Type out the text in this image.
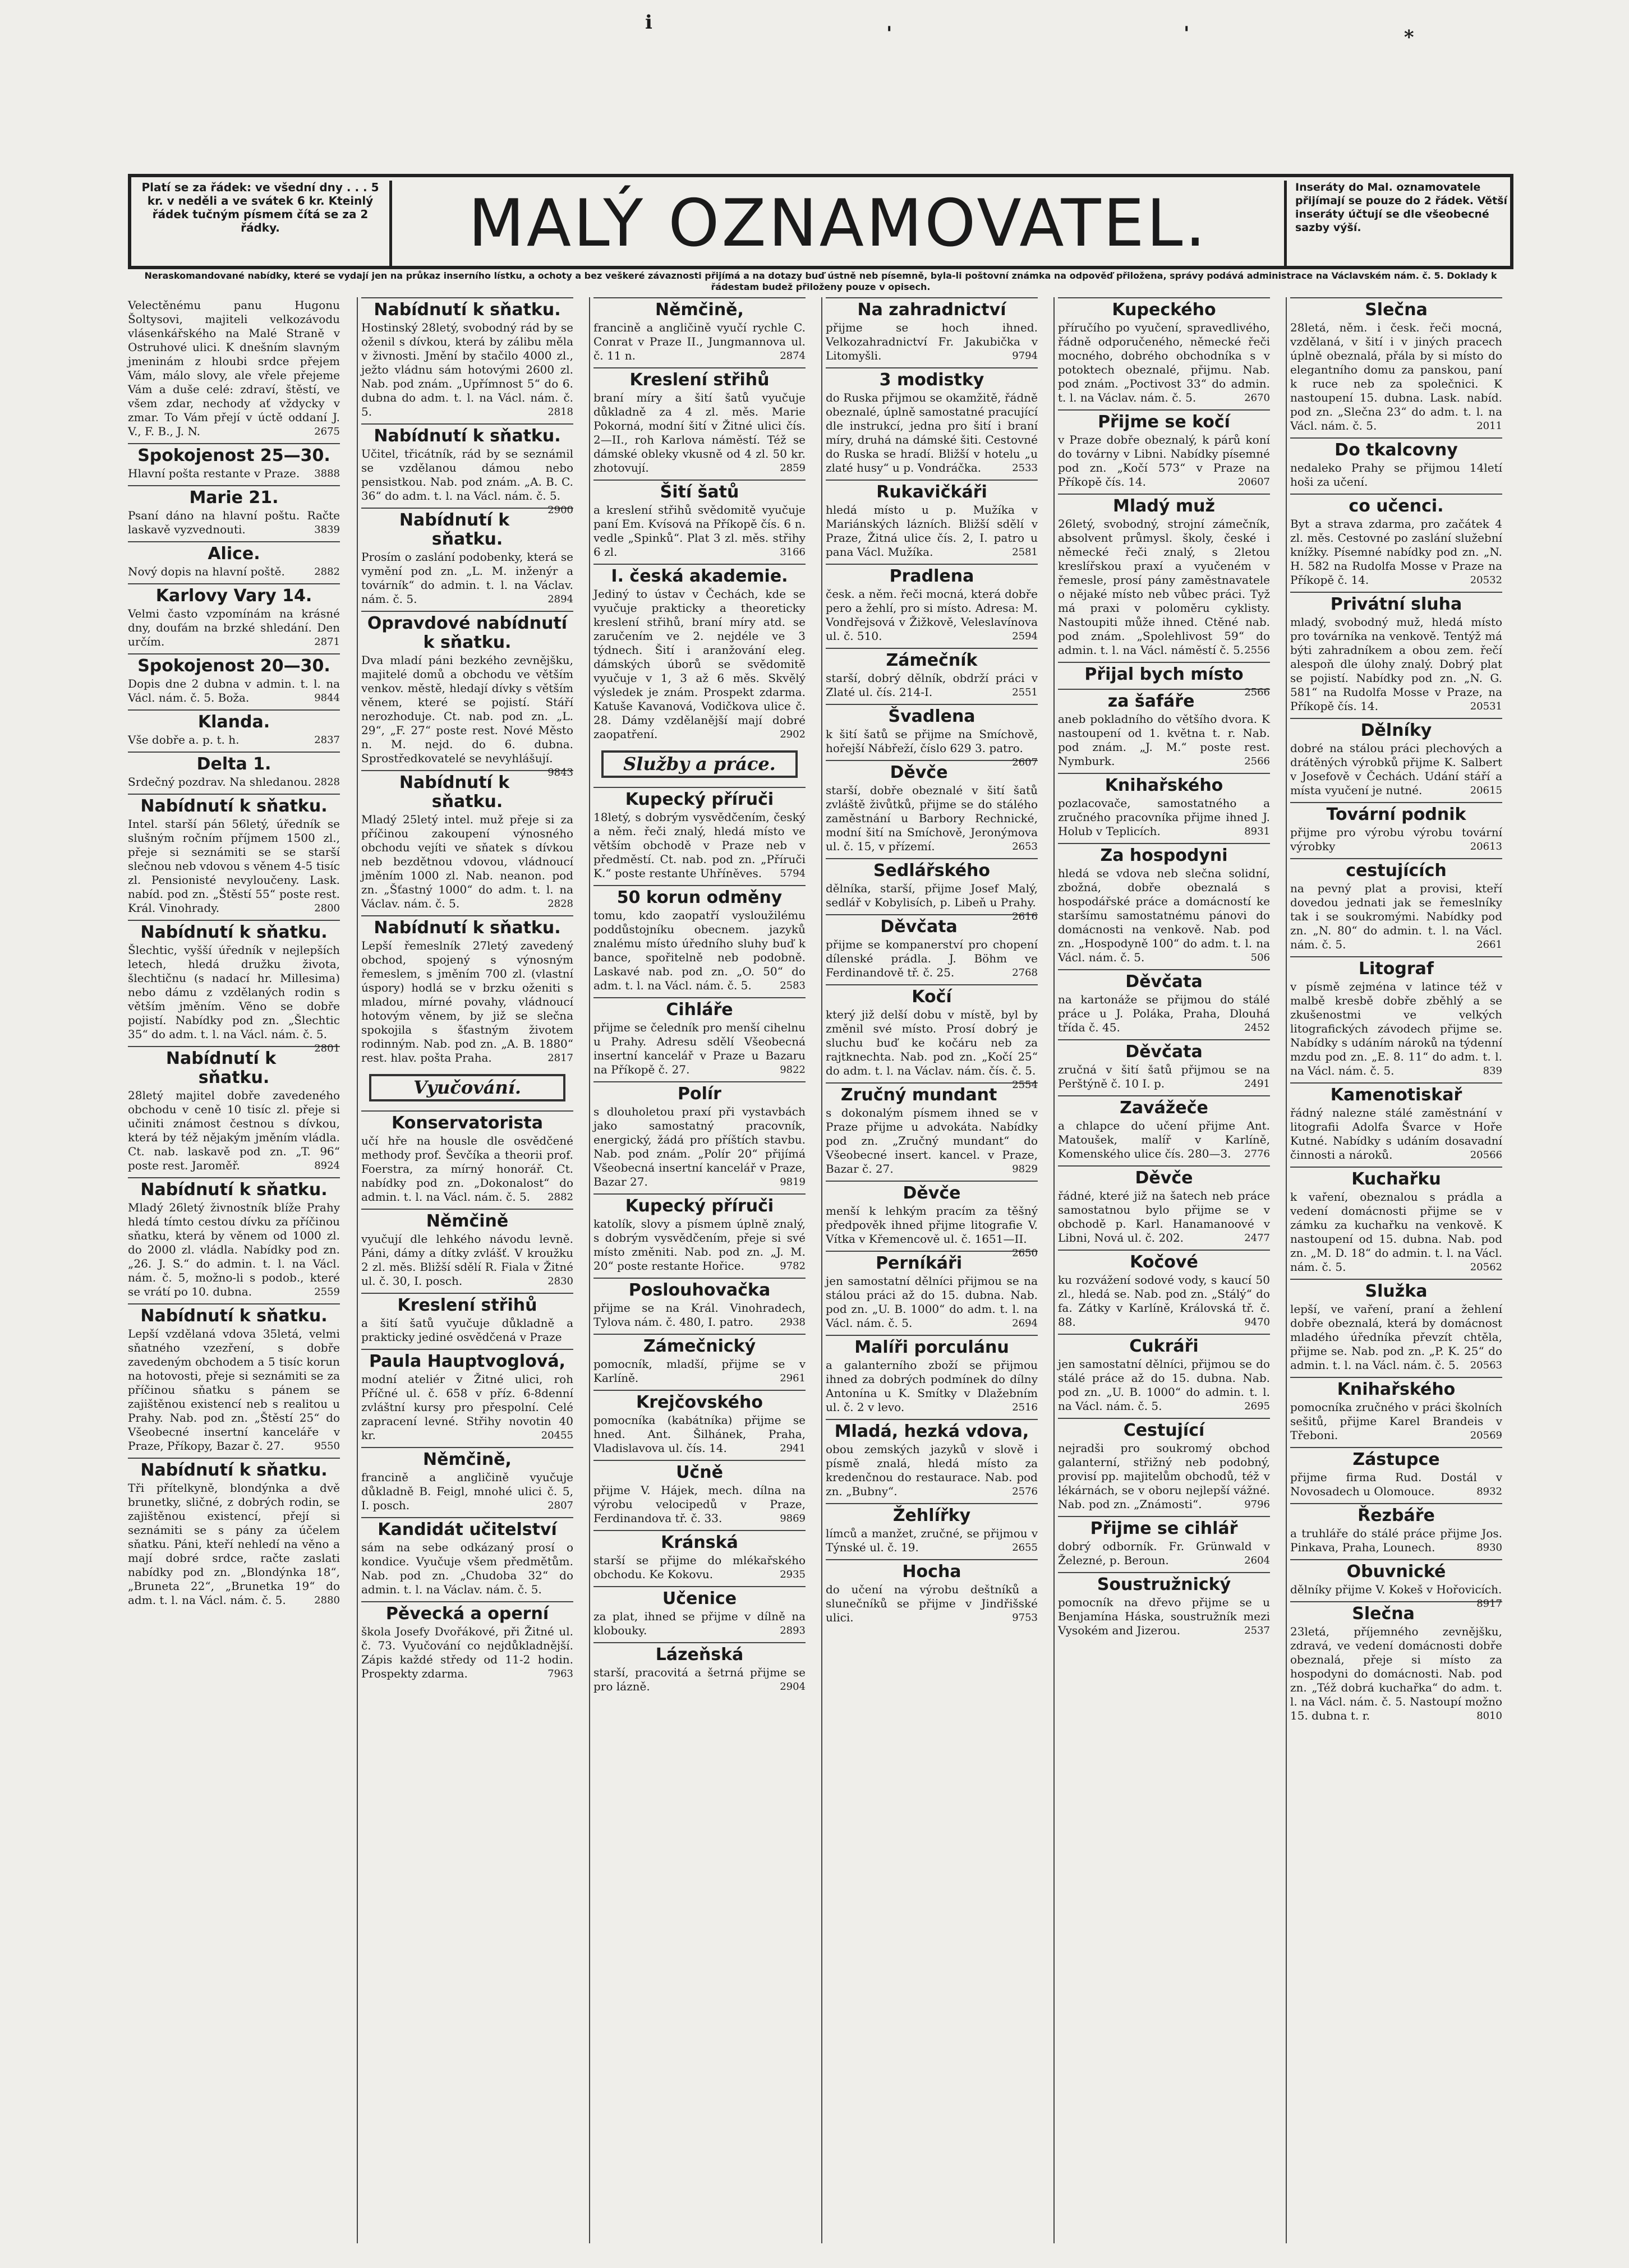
i	'	'	∗
Platí se za řádek: ve všední dny . . . 5 kr. v neděli a ve svátek 6 kr. Kteinlý řádek tučným písmem čítá se za 2 řádky.	MALÝ OZNAMOVATEL.	Inseráty do Mal. oznamovatele přijímají se pouze do 2 řádek. Větší inseráty účtují se dle všeobecné sazby výší.
Neraskomandované nabídky, které se vydají jen na průkaz inserního lístku, a ochoty a bez veškeré závaznosti přijímá a na dotazy buď ústně neb písemně, byla-li poštovní známka na odpověď přiložena, správy podává administrace na Václavském nám. č. 5. Doklady k řádestam budež přiloženy pouze v opisech.

Velectěnému panu Hugonu Šoltysovi, majiteli velkozávodu vlásenkářského na Malé Straně v Ostruhové ulici. K dnešním slavným jmeninám z hloubi srdce přejem Vám, málo slovy, ale vřele přejeme Vám a duše celé: zdraví, štěstí, ve všem zdar, nechody ať vždycky v zmar. To Vám přejí v úctě oddaní J. V., F. B., J. N.	2675

Spokojenost 25—30.

Hlavní pošta restante v Praze. 3888

Marie 21.

Psaní dáno na hlavní poštu. Račte laskavě vyzvednouti.	3839

Alice.

Nový dopis na hlavní poště.	2882

Karlovy Vary 14.

Velmi často vzpomínám na krásné dny, doufám na brzké shledání. Den určím.	2871

Spokojenost 20—30.

Dopis dne 2 dubna v admin. t. l. na Václ. nám. č. 5. Boža.	9844

Klanda.

Vše dobře a. p. t. h.	2837

Delta 1.

Srdečný pozdrav. Na shledanou. 2828

Nabídnutí k sňatku.

Intel. starší pán 56letý, úředník se slušným ročním příjmem 1500 zl., přeje si seznámiti se se starší slečnou neb vdovou s věnem 4-5 tisíc zl. Pensionisté nevyloučeny. Lask. nabíd. pod zn. „Štěstí 55“ poste rest. Král. Vinohrady.	2800

Nabídnutí k sňatku.

Šlechtic, vyšší úředník v nejlepších letech, hledá družku života, šlechtičnu (s nadací hr. Millesima) nebo dámu z vzdělaných rodin s větším jměním. Věno se dobře pojistí. Nabídky pod zn. „Šlechtic 35“ do adm. t. l. na Václ. nám. č. 5.
2801

Nabídnutí k sňatku.

28letý majitel dobře zavedeného obchodu v ceně 10 tisíc zl. přeje si učiniti známost čestnou s dívkou, která by též nějakým jměním vládla. Ct. nab. laskavě pod zn. „T. 96“ poste rest. Jaroměř.	8924

Nabídnutí k sňatku.

Mladý 26letý živnostník blíže Prahy hledá tímto cestou dívku za příčinou sňatku, která by věnem od 1000 zl. do 2000 zl. vládla. Nabídky pod zn. „26. J. S.“ do admin. t. l. na Václ. nám. č. 5, možno-li s podob., které se vrátí po 10. dubna.	2559

Nabídnutí k sňatku.

Lepší vzdělaná vdova 35letá, velmi sňatného vzezření, s dobře zavedeným obchodem a 5 tisíc korun na hotovosti, přeje si seznámiti se za příčinou sňatku s pánem se zajištěnou existencí neb s realitou u Prahy. Nab. pod zn. „Štěstí 25“ do Všeobecné insertní kanceláře v Praze, Příkopy, Bazar č. 27.	9550

Nabídnutí k sňatku.

Tři přítelkyně, blondýnka a dvě brunetky, sličné, z dobrých rodin, se zajištěnou existencí, přejí si seznámiti se s pány za účelem sňatku. Páni, kteří nehledí na věno a mají dobré srdce, račte zaslati nabídky pod zn. „Blondýnka 18“, „Bruneta 22“, „Brunetka 19“ do adm. t. l. na Václ. nám. č. 5.	2880

Nabídnutí k sňatku.

Hostinský 28letý, svobodný rád by se oženil s dívkou, která by zálibu měla v živnosti. Jmění by stačilo 4000 zl., ježto vládnu sám hotovými 2600 zl. Nab. pod znám. „Upřímnost 5“ do 6. dubna do adm. t. l. na Václ. nám. č. 5.	2818

Nabídnutí k sňatku.

Učitel, třicátník, rád by se seznámil se vzdělanou dámou nebo pensistkou. Nab. pod znám. „A. B. C. 36“ do adm. t. l. na Václ. nám. č. 5.
2900

Nabídnutí k sňatku.

Prosím o zaslání podobenky, která se vymění pod zn. „L. M. inženýr a továrník“ do admin. t. l. na Václav. nám. č. 5.	2894

Opravdové nabídnutí k sňatku.

Dva mladí páni bezkého zevnějšku, majitelé domů a obchodu ve větším venkov. městě, hledají dívky s větším věnem, které se pojistí. Stáří nerozhoduje. Ct. nab. pod zn. „L. 29“, „F. 27“ poste rest. Nové Město n. M. nejd. do 6. dubna. Sprostředkovatelé se nevyhlášují.
9843

Nabídnutí k sňatku.

Mladý 25letý intel. muž přeje si za příčinou zakoupení výnosného obchodu vejíti ve sňatek s dívkou neb bezdětnou vdovou, vládnoucí jměním 1000 zl. Nab. neanon. pod zn. „Šťastný 1000“ do adm. t. l. na Václav. nám. č. 5.	2828

Nabídnutí k sňatku.

Lepší řemeslník 27letý zavedený obchod, spojený s výnosným řemeslem, s jměním 700 zl. (vlastní úspory) hodlá se v brzku oženiti s mladou, mírné povahy, vládnoucí hotovým věnem, by již se slečna spokojila s šťastným životem rodinným. Nab. pod zn. „A. B. 1880“ rest. hlav. pošta Praha.	2817

Vyučování.
Konservatorista

učí hře na housle dle osvědčené methody prof. Ševčíka a theorii prof. Foerstra, za mírný honorář. Ct. nabídky pod zn. „Dokonalost“ do admin. t. l. na Václ. nám. č. 5. 2882

Němčině

vyučují dle lehkého návodu levně. Páni, dámy a dítky zvlášť. V kroužku 2 zl. měs. Bližší sdělí R. Fiala v Žitné ul. č. 30, I. posch.	2830

Kreslení střihů

a šití šatů vyučuje důkladně a prakticky jediné osvědčená v Praze

Paula Hauptvoglová,

modní ateliér v Žitné ulici, roh Příčné ul. č. 658 v příz. 6-8denní zvláštní kursy pro přespolní. Celé zapracení levné. Střihy novotin 40 kr.	20455

Němčině,

francině a angličině vyučuje důkladně B. Feigl, mnohé ulici č. 5, I. posch.	2807

Kandidát učitelství

sám na sebe odkázaný prosí o kondice. Vyučuje všem předmětům. Nab. pod zn. „Chudoba 32“ do admin. t. l. na Václav. nám. č. 5.

Pěvecká a operní

škola Josefy Dvořákové, při Žitné ul. č. 73. Vyučování co nejdůkladnější. Zápis každé středy od 11-2 hodin. Prospekty zdarma.	7963

Němčině,

francině a angličině vyučí rychle C. Conrat v Praze II., Jungmannova ul. č. 11 n.	2874

Kreslení střihů

braní míry a šití šatů vyučuje důkladně za 4 zl. měs. Marie Pokorná, modní šití v Žitné ulici čís. 2—II., roh Karlova náměstí. Též se dámské obleky vkusně od 4 zl. 50 kr. zhotovují.	2859

Šití šatů

a kreslení střihů svědomitě vyučuje paní Em. Kvísová na Příkopě čís. 6 n. vedle „Spinků“. Plat 3 zl. měs. střihy 6 zl.	3166

I. česká akademie.

Jediný to ústav v Čechách, kde se vyučuje prakticky a theoreticky kreslení střihů, braní míry atd. se zaručením ve 2. nejdéle ve 3 týdnech. Šití i aranžování eleg. dámských úborů se svědomitě vyučuje v 1, 3 až 6 měs. Skvělý výsledek je znám. Prospekt zdarma. Katuše Kavanová, Vodičkova ulice č. 28. Dámy vzdělanější mají dobré zaopatření.	2902

Služby a práce.
Kupecký příruči

18letý, s dobrým vysvědčením, český a něm. řeči znalý, hledá místo ve větším obchodě v Praze neb v předměstí. Ct. nab. pod zn. „Příruči K.“ poste restante Uhříněves. 5794

50 korun odměny

tomu, kdo zaopatří vysloužilému poddůstojníku obecnem. jazyků znalému místo úředního sluhy buď k bance, spořitelně neb podobně. Laskavé nab. pod zn. „O. 50“ do adm. t. l. na Václ. nám. č. 5.	2583

Cihláře

přijme se čeledník pro menší cihelnu u Prahy. Adresu sdělí Všeobecná insertní kancelář v Praze u Bazaru na Příkopě č. 27.	9822

Polír

s dlouholetou praxí při vystavbách jako samostatný pracovník, energický, žádá pro příštích stavbu. Nab. pod znám. „Polír 20“ přijímá Všeobecná insertní kancelář v Praze, Bazar 27.	9819

Kupecký příruči

katolík, slovy a písmem úplně znalý, s dobrým vysvědčením, přeje si své místo změniti. Nab. pod zn. „J. M. 20“ poste restante Hořice.	9782

Poslouhovačka

přijme se na Král. Vinohradech, Tylova nám. č. 480, I. patro.	2938

Zámečnický

pomocník, mladší, přijme se v Karlíně.	2961

Krejčovského

pomocníka (kabátníka) přijme se hned. Ant. Šilhánek, Praha, Vladislavova ul. čís. 14.	2941

Učně

přijme V. Hájek, mech. dílna na výrobu velocipedů v Praze, Ferdinandova tř. č. 33.	9869

Kránská

starší se přijme do mlékařského obchodu. Ke Kokovu.	2935

Učenice

za plat, ihned se přijme v dílně na klobouky.	2893

Lázeňská

starší, pracovitá a šetrná přijme se pro lázně.	2904

Na zahradnictví

přijme se hoch ihned. Velkozahradnictví Fr. Jakubička v Litomyšli.	9794

3 modistky

do Ruska přijmou se okamžitě, řádně obeznalé, úplně samostatné pracující dle instrukcí, jedna pro šití i braní míry, druhá na dámské šiti. Cestovné do Ruska se hradí. Bližší v hotelu „u zlaté husy“ u p. Vondráčka.	2533

Rukavičkáři

hledá místo u p. Mužíka v Mariánských lázních. Bližší sdělí v Praze, Žitná ulice čís. 2, I. patro u pana Václ. Mužíka.	2581

Pradlena

česk. a něm. řeči mocná, která dobře pero a žehlí, pro si místo. Adresa: M. Vondřejsová v Žižkově, Veleslavínova ul. č. 510.	2594

Zámečník

starší, dobrý dělník, obdrží práci v Zlaté ul. čís. 214-I.	2551

Švadlena

k šití šatů se přijme na Smíchově, hořejší Nábřeží, číslo 629 3. patro.
2607

Děvče

starší, dobře obeznalé v šití šatů zvláště živůtků, přijme se do stálého zaměstnání u Barbory Rechnické, modní šití na Smíchově, Jeronýmova ul. č. 15, v přízemí.	2653

Sedlářského

dělníka, starší, přijme Josef Malý, sedlář v Kobylisích, p. Libeň u Prahy.
2616

Děvčata

přijme se kompanerství pro chopení dílenské prádla. J. Böhm ve Ferdinandově tř. č. 25.	2768

Kočí

který již delší dobu v místě, byl by změnil své místo. Prosí dobrý je sluchu buď ke kočáru neb za rajtknechta. Nab. pod zn. „Kočí 25“ do adm. t. l. na Václav. nám. čís. č. 5.
2554

Zručný mundant

s dokonalým písmem ihned se v Praze přijme u advokáta. Nabídky pod zn. „Zručný mundant“ do Všeobecné insert. kancel. v Praze, Bazar č. 27.	9829

Děvče

menší k lehkým pracím za těšný předpověk ihned přijme litografie V. Vítka v Křemencově ul. č. 1651—II.
2650

Perníkáři

jen samostatní dělníci přijmou se na stálou práci až do 15. dubna. Nab. pod zn. „U. B. 1000“ do adm. t. l. na Václ. nám. č. 5.	2694

Malíři porculánu

a galanterního zboží se přijmou ihned za dobrých podmínek do dílny Antonína u K. Smítky v Dlažebním ul. č. 2 v levo.	2516

Mladá, hezká vdova,

obou zemských jazyků v slově i písmě znalá, hledá místo za kredenčnou do restaurace. Nab. pod zn. „Bubny“.	2576

Žehlířky

límců a manžet, zručné, se přijmou v Týnské ul. č. 19.	2655

Hocha

do učení na výrobu deštníků a slunečníků se přijme v Jindřišské ulici.	9753

Kupeckého

příručího po vyučení, spravedlivého, řádně odporučeného, německé řeči mocného, dobrého obchodníka s v potoktech obeznalé, přijmu. Nab. pod znám. „Poctivost 33“ do admin. t. l. na Václav. nám. č. 5.	2670

Přijme se kočí

v Praze dobře obeznalý, k párů koní do továrny v Libni. Nabídky písemné pod zn. „Kočí 573“ v Praze na Příkopě čís. 14.	20607

Mladý muž

26letý, svobodný, strojní zámečník, absolvent průmysl. školy, české i německé řeči znalý, s 2letou kreslířskou praxí a vyučeném v řemesle, prosí pány zaměstnavatele o nějaké místo neb vůbec práci. Tyž má praxi v poloměru cyklisty. Nastoupiti může ihned. Ctěné nab. pod znám. „Spolehlivost 59“ do admin. t. l. na Václ. náměstí č. 5. 2556

Přijal bych místo

2566

za šafáře

aneb pokladního do většího dvora. K nastoupení od 1. května t. r. Nab. pod znám. „J. M.“ poste rest. Nymburk.	2566

Knihařského

pozlacovače, samostatného a zručného pracovníka přijme ihned J. Holub v Teplicích.	8931

Za hospodyni

hledá se vdova neb slečna solidní, zbožná, dobře obeznalá s hospodářské práce a domácností ke staršímu samostatnému pánovi do domácnosti na venkově. Nab. pod zn. „Hospodyně 100“ do adm. t. l. na Václ. nám. č. 5.	506

Děvčata

na kartonáže se přijmou do stálé práce u J. Poláka, Praha, Dlouhá třída č. 45.	2452

Děvčata

zručná v šití šatů přijmou se na Perštýně č. 10 I. p.	2491

Zavážeče

a chlapce do učení přijme Ant. Matoušek, malíř v Karlíně, Komenského ulice čís. 280—3. 2776

Děvče

řádné, které již na šatech neb práce samostatnou bylo přijme se v obchodě p. Karl. Hanamanoové v Libni, Nová ul. č. 202.	2477

Kočové

ku rozvážení sodové vody, s kaucí 50 zl., hledá se. Nab. pod zn. „Stálý“ do fa. Zátky v Karlíně, Královská tř. č. 88.	9470

Cukráři

jen samostatní dělníci, přijmou se do stálé práce až do 15. dubna. Nab. pod zn. „U. B. 1000“ do admin. t. l. na Václ. nám. č. 5.	2695

Cestující

nejradši pro soukromý obchod galanterní, střižný neb podobný, provisí pp. majitelům obchodů, též v lékárnách, se v oboru nejlepší vážné. Nab. pod zn. „Známosti“.	9796

Přijme se cihlář

dobrý odborník. Fr. Grünwald v Železné, p. Beroun.	2604

Soustružnický

pomocník na dřevo přijme se u Benjamína Háska, soustružník mezi Vysokém and Jizerou.	2537

Slečna

28letá, něm. i česk. řeči mocná, vzdělaná, v šití i v jiných pracech úplně obeznalá, přála by si místo do elegantního domu za panskou, paní k ruce neb za společnici. K nastoupení 15. dubna. Lask. nabíd. pod zn. „Slečna 23“ do adm. t. l. na Václ. nám. č. 5.	2011

Do tkalcovny

nedaleko Prahy se přijmou 14letí hoši za učení.

co učenci.

Byt a strava zdarma, pro začátek 4 zl. měs. Cestovné po zaslání služební knížky. Písemné nabídky pod zn. „N. H. 582 na Rudolfa Mosse v Praze na Příkopě č. 14.	20532

Privátní sluha

mladý, svobodný muž, hledá místo pro továrníka na venkově. Tentýž má býti zahradníkem a obou zem. řečí alespoň dle úlohy znalý. Dobrý plat se pojistí. Nabídky pod zn. „N. G. 581“ na Rudolfa Mosse v Praze, na Příkopě čís. 14.	20531

Dělníky

dobré na stálou práci plechových a drátěných výrobků přijme K. Salbert v Josefově v Čechách. Udání stáří a místa vyučení je nutné.	20615

Tovární podnik

přijme pro výrobu výrobu tovární výrobky	20613

cestujících

na pevný plat a provisi, kteří dovedou jednati jak se řemeslníky tak i se soukromými. Nabídky pod zn. „N. 80“ do admin. t. l. na Václ. nám. č. 5.	2661

Litograf

v písmě zejména v latince též v malbě kresbě dobře zběhlý a se zkušenostmi ve velkých litografických závodech přijme se. Nabídky s udáním nároků na týdenní mzdu pod zn. „E. 8. 11“ do adm. t. l. na Václ. nám. č. 5.	839

Kamenotiskař

řádný nalezne stálé zaměstnání v litografii Adolfa Švarce v Hoře Kutné. Nabídky s udáním dosavadní činnosti a nároků.	20566

Kuchařku

k vaření, obeznalou s prádla a vedení domácnosti přijme se v zámku za kuchařku na venkově. K nastoupení od 15. dubna. Nab. pod zn. „M. D. 18“ do admin. t. l. na Václ. nám. č. 5.	20562

Služka

lepší, ve vaření, praní a žehlení dobře obeznalá, která by domácnost mladého úředníka převzít chtěla, přijme se. Nab. pod zn. „P. K. 25“ do admin. t. l. na Václ. nám. č. 5. 20563

Knihařského

pomocníka zručného v práci školních sešitů, přijme Karel Brandeis v Třeboni.	20569

Zástupce

přijme firma Rud. Dostál v Novosadech u Olomouce.	8932

Řezbáře

a truhláře do stálé práce přijme Jos. Pinkava, Praha, Lounech.	8930

Obuvnické

dělníky přijme V. Kokeš v Hořovicích.
8917

Slečna

23letá, příjemného zevnějšku, zdravá, ve vedení domácnosti dobře obeznalá, přeje si místo za hospodyni do domácnosti. Nab. pod zn. „Též dobrá kuchařka“ do adm. t. l. na Václ. nám. č. 5. Nastoupí možno 15. dubna t. r.	8010
